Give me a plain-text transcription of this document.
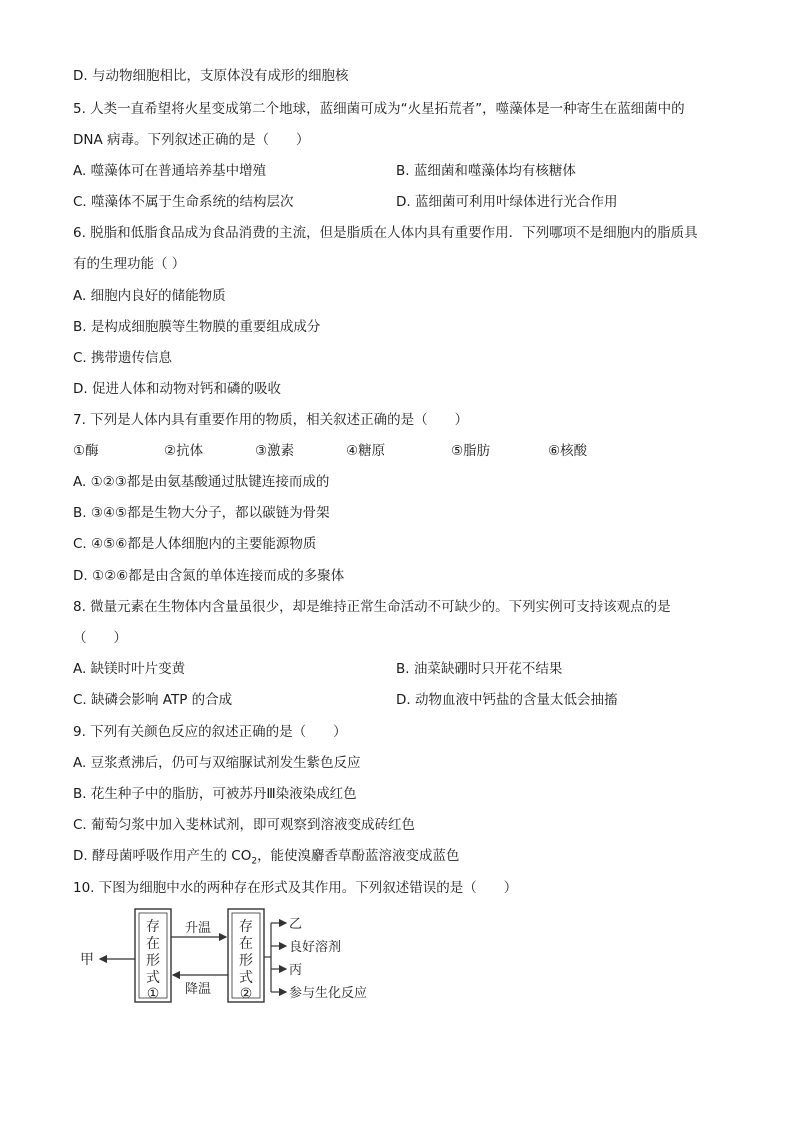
D. 与动物细胞相比，支原体没有成形的细胞核
5. 人类一直希望将火星变成第二个地球，蓝细菌可成为“火星拓荒者”，噬藻体是一种寄生在蓝细菌中的
DNA 病毒。下列叙述正确的是（　　）
A. 噬藻体可在普通培养基中增殖	B. 蓝细菌和噬藻体均有核糖体
C. 噬藻体不属于生命系统的结构层次	D. 蓝细菌可利用叶绿体进行光合作用
6. 脱脂和低脂食品成为食品消费的主流，但是脂质在人体内具有重要作用．下列哪项不是细胞内的脂质具
有的生理功能（ ）
A. 细胞内良好的储能物质
B. 是构成细胞膜等生物膜的重要组成成分
C. 携带遗传信息
D. 促进人体和动物对钙和磷的吸收
7. 下列是人体内具有重要作用的物质，相关叙述正确的是（　　）
①酶	②抗体	③激素	④糖原	⑤脂肪	⑥核酸
A. ①②③都是由氨基酸通过肽键连接而成的
B. ③④⑤都是生物大分子，都以碳链为骨架
C. ④⑤⑥都是人体细胞内的主要能源物质
D. ①②⑥都是由含氮的单体连接而成的多聚体
8. 微量元素在生物体内含量虽很少，却是维持正常生命活动不可缺少的。下列实例可支持该观点的是
（　　）
A. 缺镁时叶片变黄	B. 油菜缺硼时只开花不结果
C. 缺磷会影响 ATP 的合成	D. 动物血液中钙盐的含量太低会抽搐
9. 下列有关颜色反应的叙述正确的是（　　）
A. 豆浆煮沸后，仍可与双缩脲试剂发生紫色反应
B. 花生种子中的脂肪，可被苏丹Ⅲ染液染成红色
C. 葡萄匀浆中加入斐林试剂，即可观察到溶液变成砖红色
D. 酵母菌呼吸作用产生的 $CO_2$，能使溴麝香草酚蓝溶液变成蓝色
10. 下图为细胞中水的两种存在形式及其作用。下列叙述错误的是（　　）
存
在
形
式
①
存
在
形
式
②
升温
降温
甲
乙
良好溶剂
丙
参与生化反应
